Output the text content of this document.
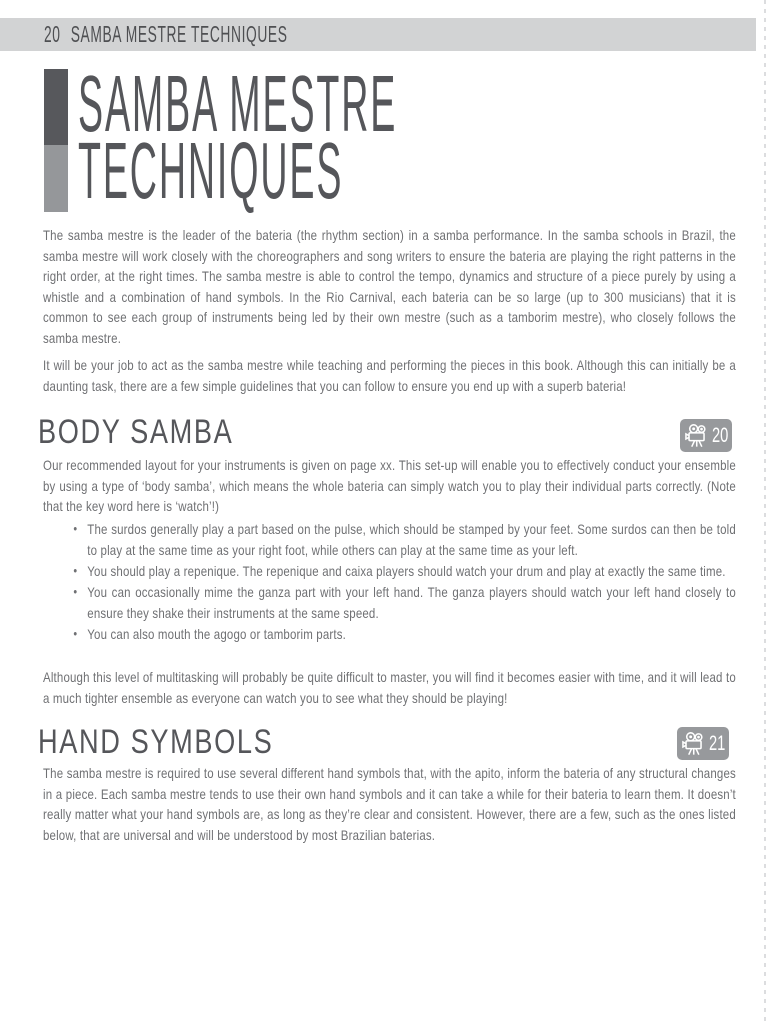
20 SAMBA MESTRE TECHNIQUES
SAMBA MESTRE
TECHNIQUES

The samba mestre is the leader of the bateria (the rhythm section) in a samba performance. In the samba schools in Brazil, the samba mestre will work closely with the choreographers and song writers to ensure the bateria are playing the right patterns in the right order, at the right times. The samba mestre is able to control the tempo, dynamics and structure of a piece purely by using a whistle and a combination of hand symbols. In the Rio Carnival, each bateria can be so large (up to 300 musicians) that it is common to see each group of instruments being led by their own mestre (such as a tamborim mestre), who closely follows the samba mestre.

It will be your job to act as the samba mestre while teaching and performing the pieces in this book. Although this can initially be a daunting task, there are a few simple guidelines that you can follow to ensure you end up with a superb bateria!

BODY SAMBA	20

Our recommended layout for your instruments is given on page xx. This set-up will enable you to effectively conduct your ensemble by using a type of ‘body samba’, which means the whole bateria can simply watch you to play their individual parts correctly. (Note that the key word here is ‘watch’!)

• The surdos generally play a part based on the pulse, which should be stamped by your feet. Some surdos can then be told to play at the same time as your right foot, while others can play at the same time as your left.
• You should play a repenique. The repenique and caixa players should watch your drum and play at exactly the same time.
• You can occasionally mime the ganza part with your left hand. The ganza players should watch your left hand closely to ensure they shake their instruments at the same speed.
• You can also mouth the agogo or tamborim parts.

Although this level of multitasking will probably be quite difficult to master, you will find it becomes easier with time, and it will lead to a much tighter ensemble as everyone can watch you to see what they should be playing!

HAND SYMBOLS	21

The samba mestre is required to use several different hand symbols that, with the apito, inform the bateria of any structural changes in a piece. Each samba mestre tends to use their own hand symbols and it can take a while for their bateria to learn them. It doesn’t really matter what your hand symbols are, as long as they’re clear and consistent. However, there are a few, such as the ones listed below, that are universal and will be understood by most Brazilian baterias.
